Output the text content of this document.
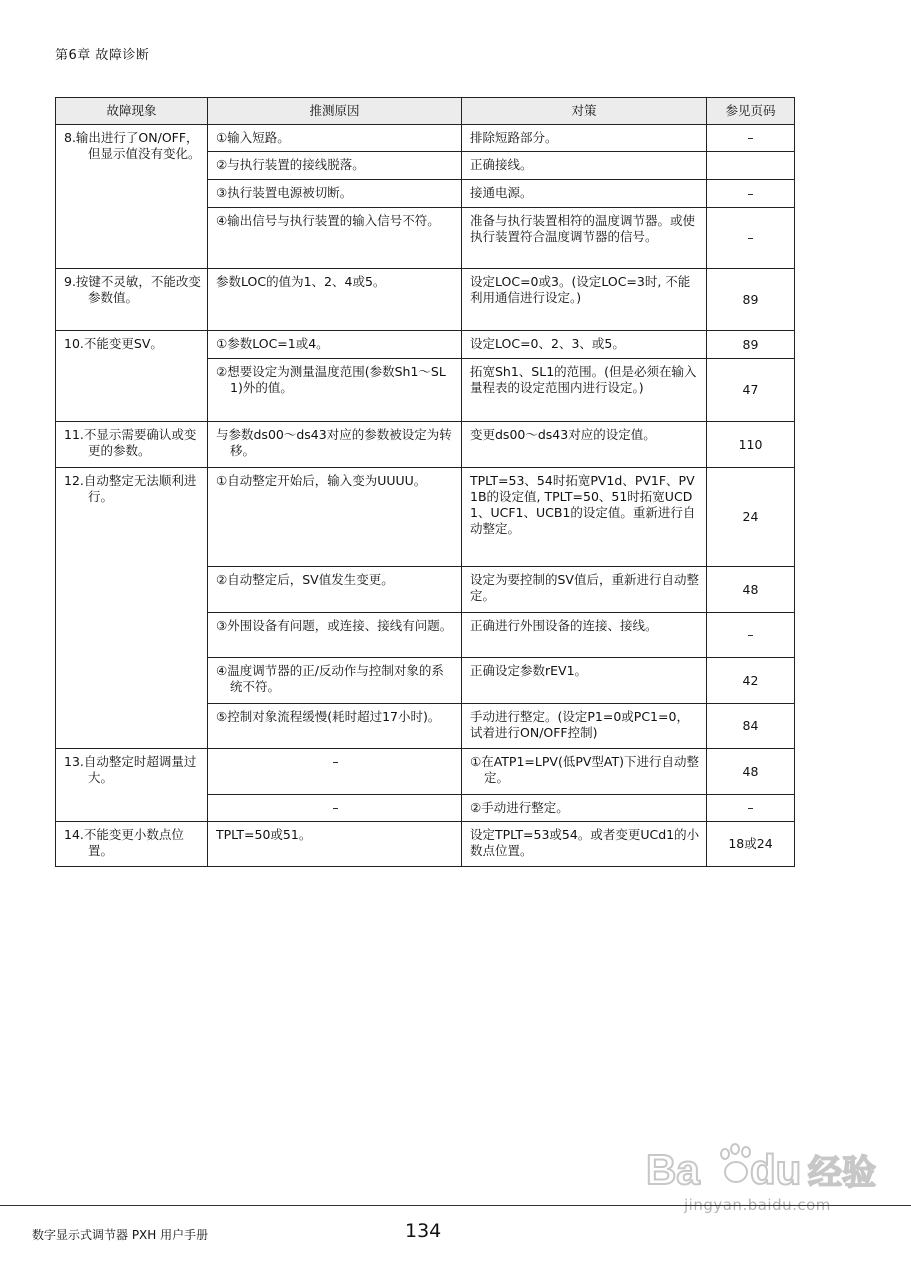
第6章 故障诊断
故障现象	推测原因	对策	参见页码

8.输出进行了ON/OFF，但显示值没有变化。	①输入短路。	排除短路部分。	–

	②与执行装置的接线脱落。	正确接线。	

	③执行装置电源被切断。	接通电源。	–

	④输出信号与执行装置的输入信号不符。	准备与执行装置相符的温度调节器。或使执行装置符合温度调节器的信号。	–

9.按键不灵敏，不能改变参数值。	参数LOC的值为1、2、4或5。	设定LOC=0或3。(设定LOC=3时, 不能利用通信进行设定。)	89

10.不能变更SV。	①参数LOC=1或4。	设定LOC=0、2、3、或5。	89

	②想要设定为测量温度范围(参数Sh1～SL1)外的值。	拓宽Sh1、SL1的范围。(但是必须在输入量程表的设定范围内进行设定。)	47

11.不显示需要确认或变更的参数。	与参数ds00～ds43对应的参数被设定为转移。	变更ds00～ds43对应的设定值。	110

12.自动整定无法顺利进行。	①自动整定开始后，输入变为UUUU。	TPLT=53、54时拓宽PV1d、PV1F、PV1B的设定值, TPLT=50、51时拓宽UCD1、UCF1、UCB1的设定值。重新进行自动整定。	24

	②自动整定后，SV值发生变更。	设定为要控制的SV值后，重新进行自动整定。	48

	③外围设备有问题，或连接、接线有问题。	正确进行外围设备的连接、接线。	–

	④温度调节器的正/反动作与控制对象的系统不符。	正确设定参数rEV1。	42

	⑤控制对象流程缓慢(耗时超过17小时)。	手动进行整定。(设定P1=0或PC1=0，试着进行ON/OFF控制)	84

13.自动整定时超调量过大。	–	①在ATP1=LPV(低PV型AT)下进行自动整定。	48
	–	②手动进行整定。	–

14.不能变更小数点位置。	TPLT=50或51。	设定TPLT=53或54。或者变更UCd1的小数点位置。	18或24
Ba du 经验
jingyan.baidu.com
数字显示式调节器 PXH 用户手册	134
